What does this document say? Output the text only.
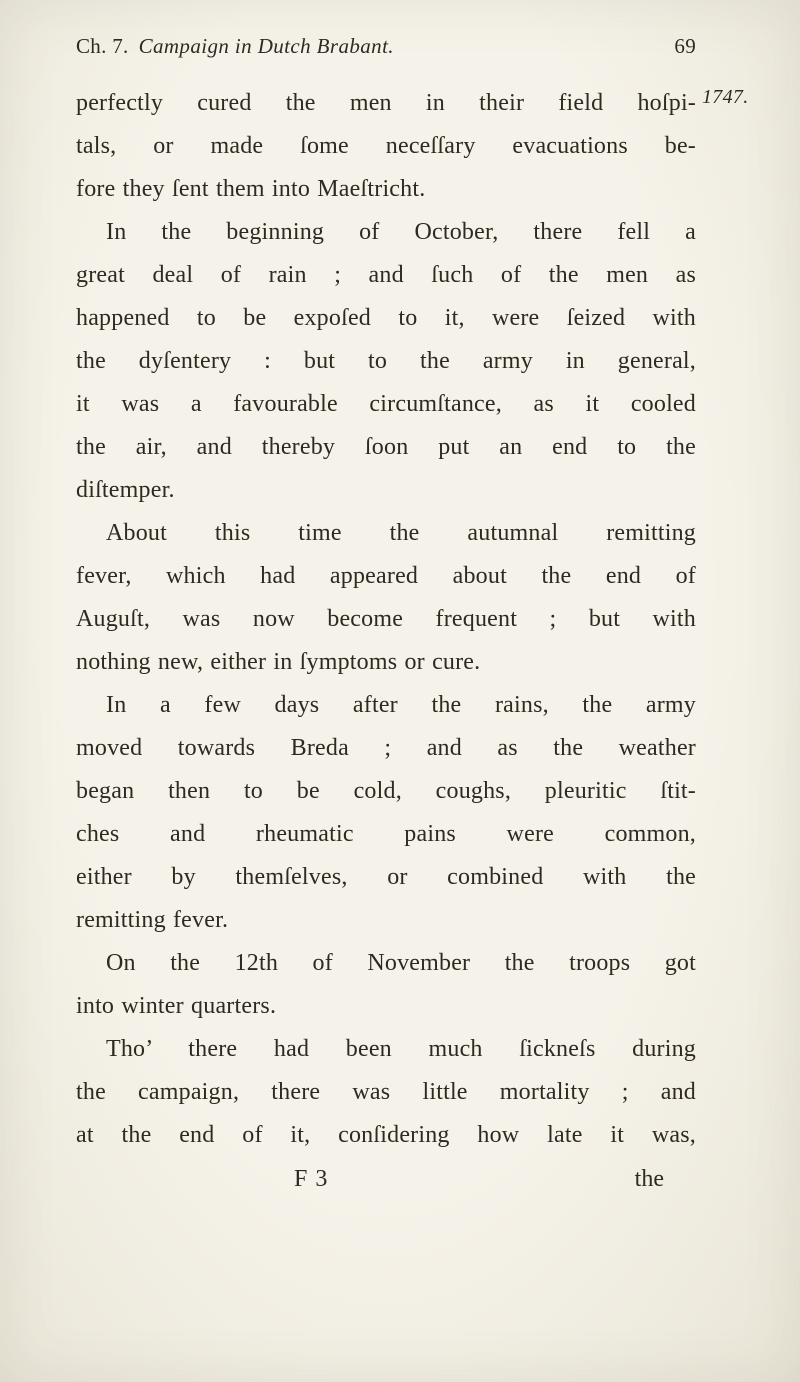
Ch. 7. Campaign in Dutch Brabant.	69
1747.
perfectly cured the men in their field hoſpi-
tals, or made ſome neceſſary evacuations be-
fore they ſent them into Maeſtricht.
In the beginning of October, there fell a
great deal of rain ; and ſuch of the men as
happened to be expoſed to it, were ſeized with
the dyſentery : but to the army in general,
it was a favourable circumſtance, as it cooled
the air, and thereby ſoon put an end to the
diſtemper.
About this time the autumnal remitting
fever, which had appeared about the end of
Auguſt, was now become frequent ; but with
nothing new, either in ſymptoms or cure.
In a few days after the rains, the army
moved towards Breda ; and as the weather
began then to be cold, coughs, pleuritic ſtit-
ches and rheumatic pains were common,
either by themſelves, or combined with the
remitting fever.
On the 12th of November the troops got
into winter quarters.
Tho’ there had been much ſickneſs during
the campaign, there was little mortality ; and
at the end of it, conſidering how late it was,
F 3	the
